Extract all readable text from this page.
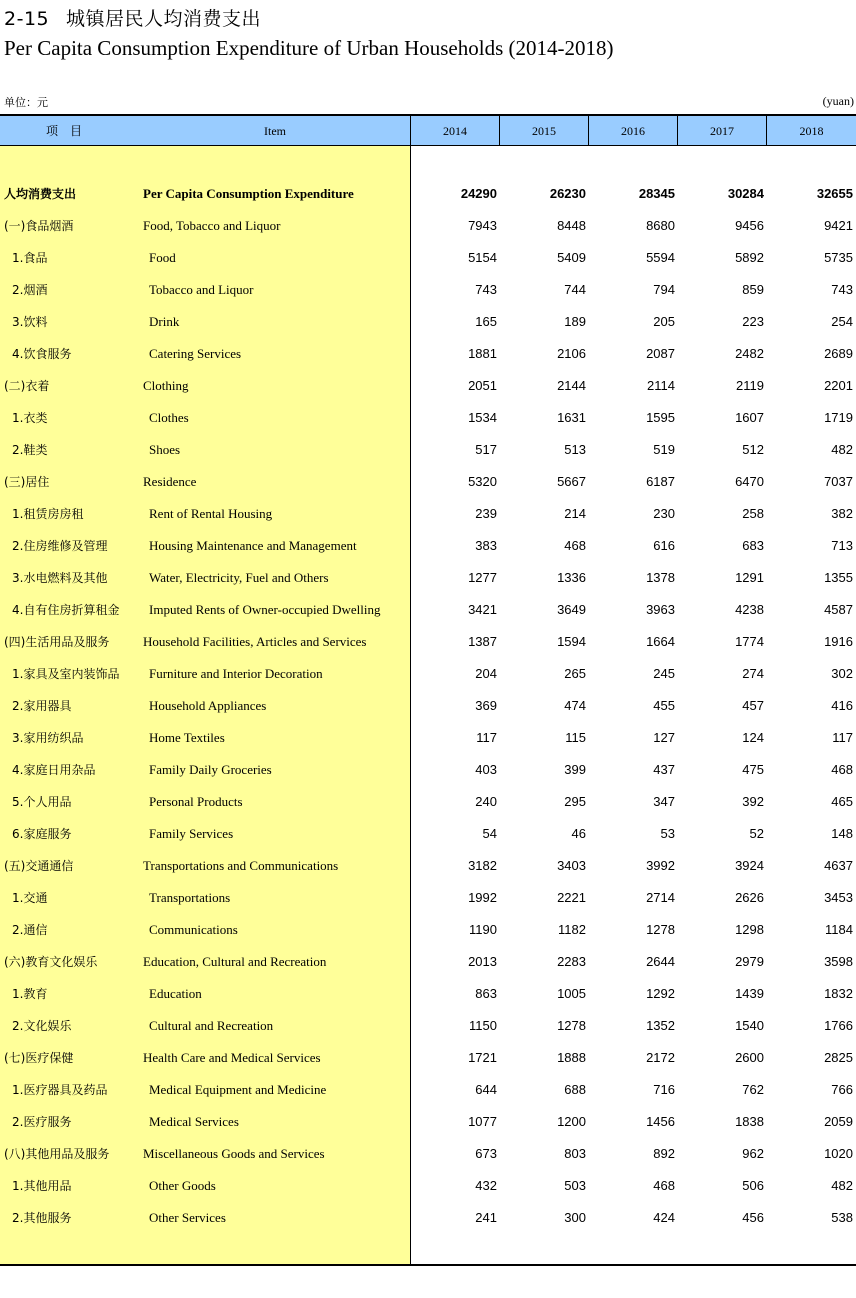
2-15 城镇居民人均消费支出
Per Capita Consumption Expenditure of Urban Households (2014-2018)
单位：元	(yuan)
项目	Item	2014	2015	2016	2017	2018
人均消费支出	Per Capita Consumption Expenditure	24290	26230	28345	30284	32655
(一)食品烟酒	Food, Tobacco and Liquor	7943	8448	8680	9456	9421
1.食品	Food	5154	5409	5594	5892	5735
2.烟酒	Tobacco and Liquor	743	744	794	859	743
3.饮料	Drink	165	189	205	223	254
4.饮食服务	Catering Services	1881	2106	2087	2482	2689
(二)衣着	Clothing	2051	2144	2114	2119	2201
1.衣类	Clothes	1534	1631	1595	1607	1719
2.鞋类	Shoes	517	513	519	512	482
(三)居住	Residence	5320	5667	6187	6470	7037
1.租赁房房租	Rent of Rental Housing	239	214	230	258	382
2.住房维修及管理	Housing Maintenance and Management	383	468	616	683	713
3.水电燃料及其他	Water, Electricity, Fuel and Others	1277	1336	1378	1291	1355
4.自有住房折算租金 Imputed Rents of Owner-occupied Dwelling	3421	3649	3963	4238	4587
(四)生活用品及服务	Household Facilities, Articles and Services	1387	1594	1664	1774	1916
1.家具及室内装饰品 Furniture and Interior Decoration	204	265	245	274	302
2.家用器具	Household Appliances	369	474	455	457	416
3.家用纺织品	Home Textiles	117	115	127	124	117
4.家庭日用杂品	Family Daily Groceries	403	399	437	475	468
5.个人用品	Personal Products	240	295	347	392	465
6.家庭服务	Family Services	54	46	53	52	148
(五)交通通信	Transportations and Communications	3182	3403	3992	3924	4637
1.交通	Transportations	1992	2221	2714	2626	3453
2.通信	Communications	1190	1182	1278	1298	1184
(六)教育文化娱乐	Education, Cultural and Recreation	2013	2283	2644	2979	3598
1.教育	Education	863	1005	1292	1439	1832
2.文化娱乐	Cultural and Recreation	1150	1278	1352	1540	1766
(七)医疗保健	Health Care and Medical Services	1721	1888	2172	2600	2825
1.医疗器具及药品	Medical Equipment and Medicine	644	688	716	762	766
2.医疗服务	Medical Services	1077	1200	1456	1838	2059
(八)其他用品及服务	Miscellaneous Goods and Services	673	803	892	962	1020
1.其他用品	Other Goods	432	503	468	506	482
2.其他服务	Other Services	241	300	424	456	538
